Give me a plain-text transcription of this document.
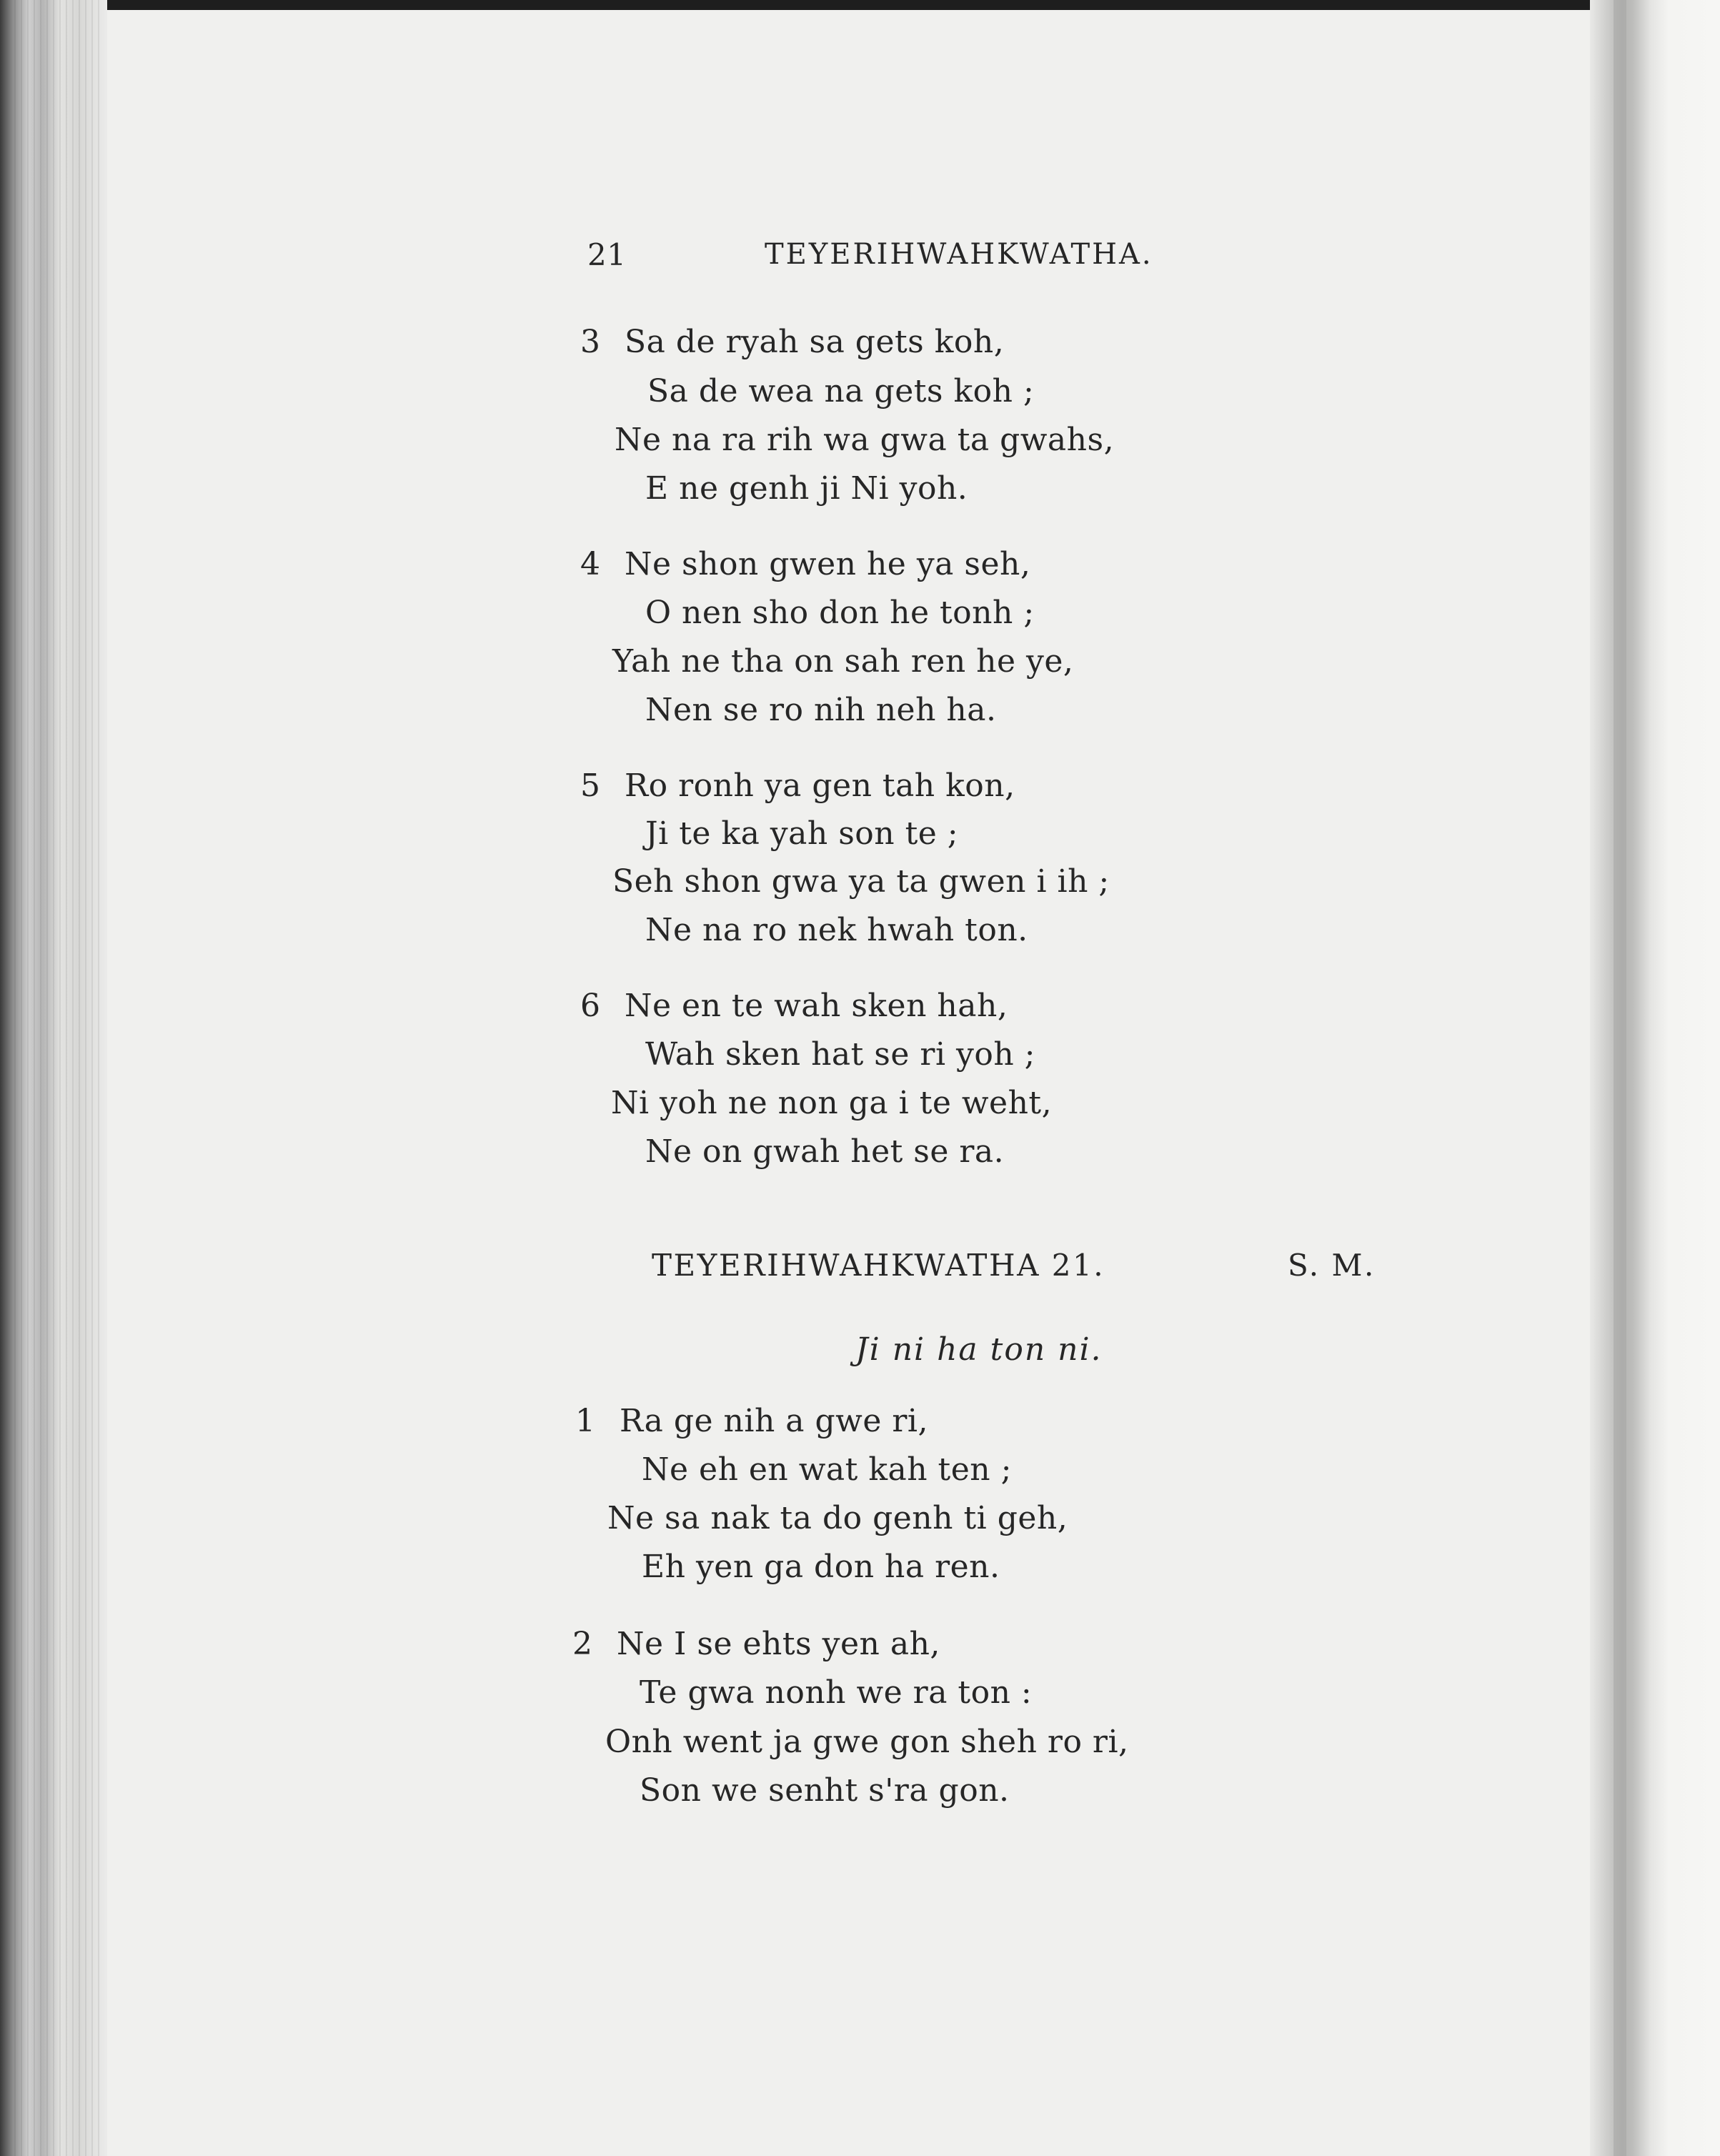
21	TEYERIHWAHKWATHA.
3 Sa de ryah sa gets koh,
Sa de wea na gets koh ;
Ne na ra rih wa gwa ta gwahs,
E ne genh ji Ni yoh.
4 Ne shon gwen he ya seh,
O nen sho don he tonh ;
Yah ne tha on sah ren he ye,
Nen se ro nih neh ha.
5 Ro ronh ya gen tah kon,
Ji te ka yah son te ;
Seh shon gwa ya ta gwen i ih ;
Ne na ro nek hwah ton.
6 Ne en te wah sken hah,
Wah sken hat se ri yoh ;
Ni yoh ne non ga i te weht,
Ne on gwah het se ra.
TEYERIHWAHKWATHA 21.	S. M.
Ji ni ha ton ni.
1 Ra ge nih a gwe ri,
Ne eh en wat kah ten ;
Ne sa nak ta do genh ti geh,
Eh yen ga don ha ren.
2 Ne I se ehts yen ah,
Te gwa nonh we ra ton :
Onh went ja gwe gon sheh ro ri,
Son we senht s'ra gon.
